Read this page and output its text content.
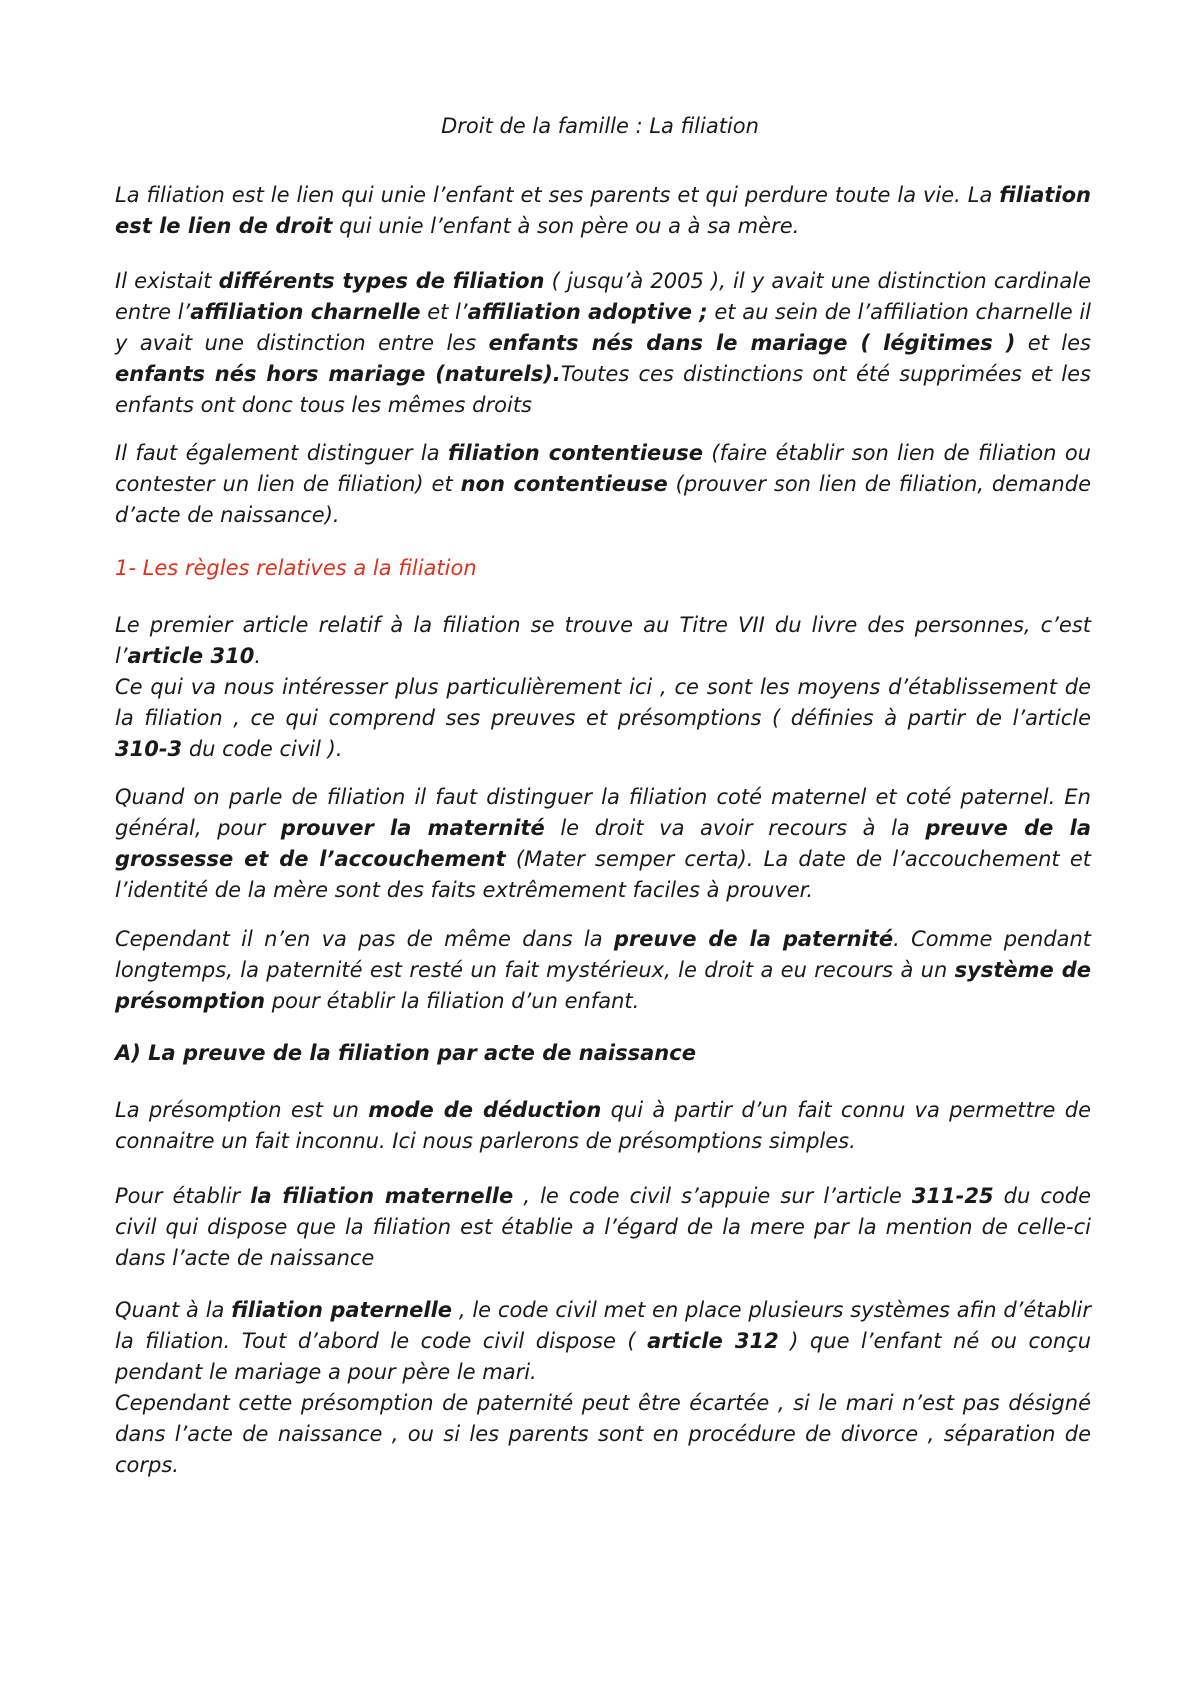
Droit de la famille : La filiation

La filiation est le lien qui unie l’enfant et ses parents et qui perdure toute la vie. La filiation est le lien de droit qui unie l’enfant à son père ou a à sa mère.

Il existait différents types de filiation ( jusqu’à 2005 ), il y avait une distinction cardinale entre l’affiliation charnelle et l’affiliation adoptive ; et au sein de l’affiliation charnelle il y avait une distinction entre les enfants nés dans le mariage ( légitimes ) et les enfants nés hors mariage (naturels).Toutes ces distinctions ont été supprimées et les enfants ont donc tous les mêmes droits

Il faut également distinguer la filiation contentieuse (faire établir son lien de filiation ou contester un lien de filiation) et non contentieuse (prouver son lien de filiation, demande d’acte de naissance).

1- Les règles relatives a la filiation

Le premier article relatif à la filiation se trouve au Titre VII du livre des personnes, c’est l’article 310.

Ce qui va nous intéresser plus particulièrement ici , ce sont les moyens d’établissement de la filiation , ce qui comprend ses preuves et présomptions ( définies à partir de l’article 310-3 du code civil ).

Quand on parle de filiation il faut distinguer la filiation coté maternel et coté paternel. En général, pour prouver la maternité le droit va avoir recours à la preuve de la grossesse et de l’accouchement (Mater semper certa). La date de l’accouchement et l’identité de la mère sont des faits extrêmement faciles à prouver.

Cependant il n’en va pas de même dans la preuve de la paternité. Comme pendant longtemps, la paternité est resté un fait mystérieux, le droit a eu recours à un système de présomption pour établir la filiation d’un enfant.

A) La preuve de la filiation par acte de naissance

La présomption est un mode de déduction qui à partir d’un fait connu va permettre de connaitre un fait inconnu. Ici nous parlerons de présomptions simples.

Pour établir la filiation maternelle , le code civil s’appuie sur l’article 311-25 du code civil qui dispose que la filiation est établie a l’égard de la mere par la mention de celle-ci dans l’acte de naissance

Quant à la filiation paternelle , le code civil met en place plusieurs systèmes afin d’établir la filiation. Tout d’abord le code civil dispose ( article 312 ) que l’enfant né ou conçu pendant le mariage a pour père le mari.

Cependant cette présomption de paternité peut être écartée , si le mari n’est pas désigné dans l’acte de naissance , ou si les parents sont en procédure de divorce , séparation de corps.
